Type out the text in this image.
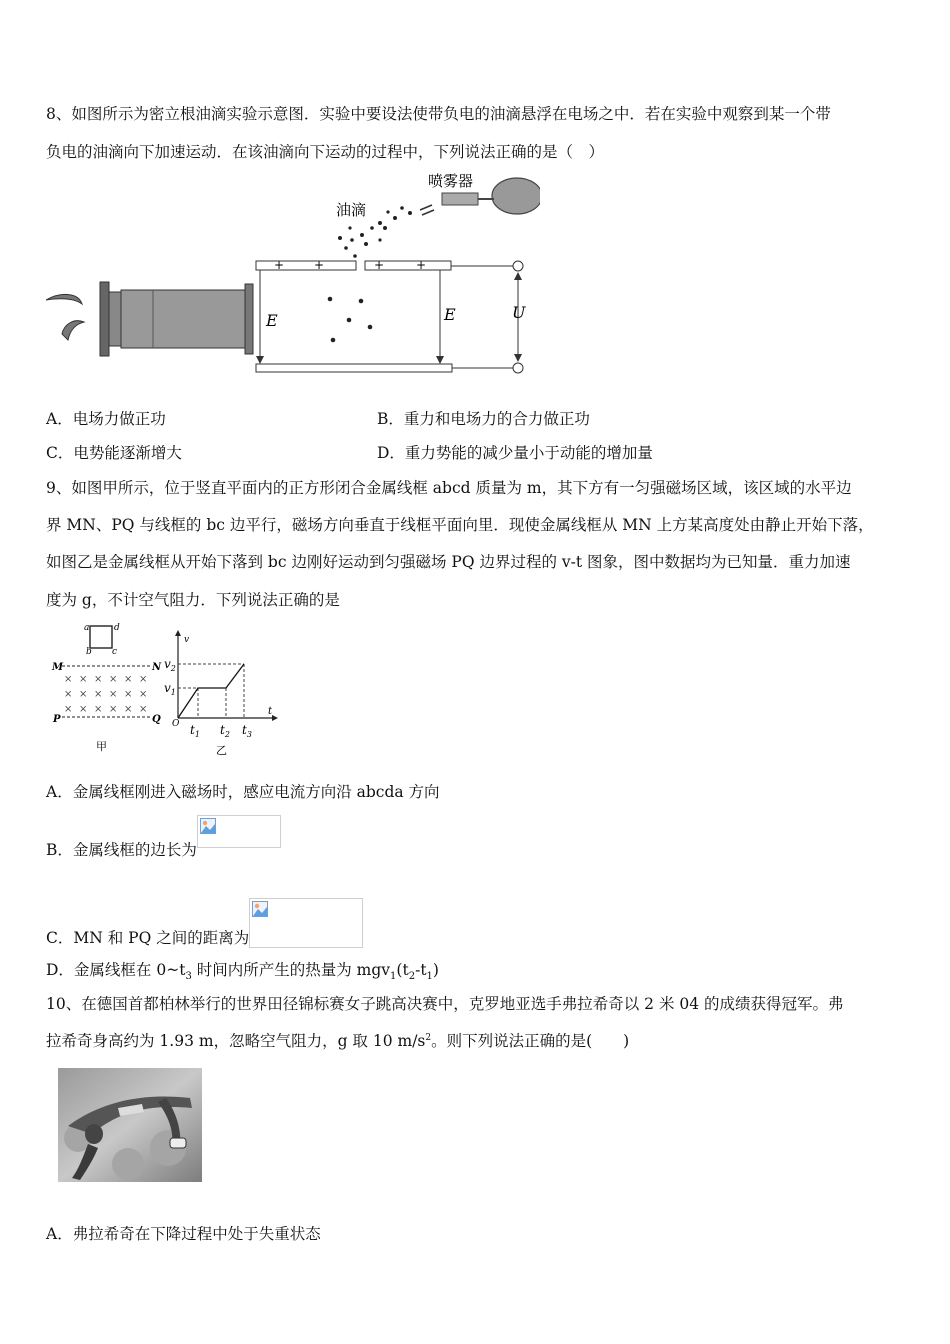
8、如图所示为密立根油滴实验示意图．实验中要设法使带负电的油滴悬浮在电场之中．若在实验中观察到某一个带
负电的油滴向下加速运动．在该油滴向下运动的过程中，下列说法正确的是（　）
喷雾器
油滴
+ +	+	+
E	E	U
A．电场力做正功	B．重力和电场力的合力做正功
C．电势能逐渐增大	D．重力势能的减少量小于动能的增加量
9、如图甲所示，位于竖直平面内的正方形闭合金属线框 abcd 质量为 m，其下方有一匀强磁场区域，该区域的水平边
界 MN、PQ 与线框的 bc 边平行，磁场方向垂直于线框平面向里．现使金属线框从 MN 上方某高度处由静止开始下落，
如图乙是金属线框从开始下落到 bc 边刚好运动到匀强磁场 PQ 边界过程的 v-t 图象，图中数据均为已知量．重力加速
度为 g，不计空气阻力．下列说法正确的是
a	d
b c
M	N
P	Q
× × × × × ×
× × × × × ×
× × × × × ×
甲
v
t
O
$v_2$
$v_1$
$t_1$ $t_2$ $t_3$
乙
A．金属线框刚进入磁场时，感应电流方向沿 abcda 方向
B．金属线框的边长为
C．MN 和 PQ 之间的距离为
D．金属线框在 $0\sim t_3$ 时间内所产生的热量为 $mgv_1(t_2-t_1)$
10、在德国首都柏林举行的世界田径锦标赛女子跳高决赛中，克罗地亚选手弗拉希奇以 2 米 04 的成绩获得冠军。弗
拉希奇身高约为 1.93 m，忽略空气阻力，g 取 10 $m/s^2$。则下列说法正确的是(　　)
A．弗拉希奇在下降过程中处于失重状态
